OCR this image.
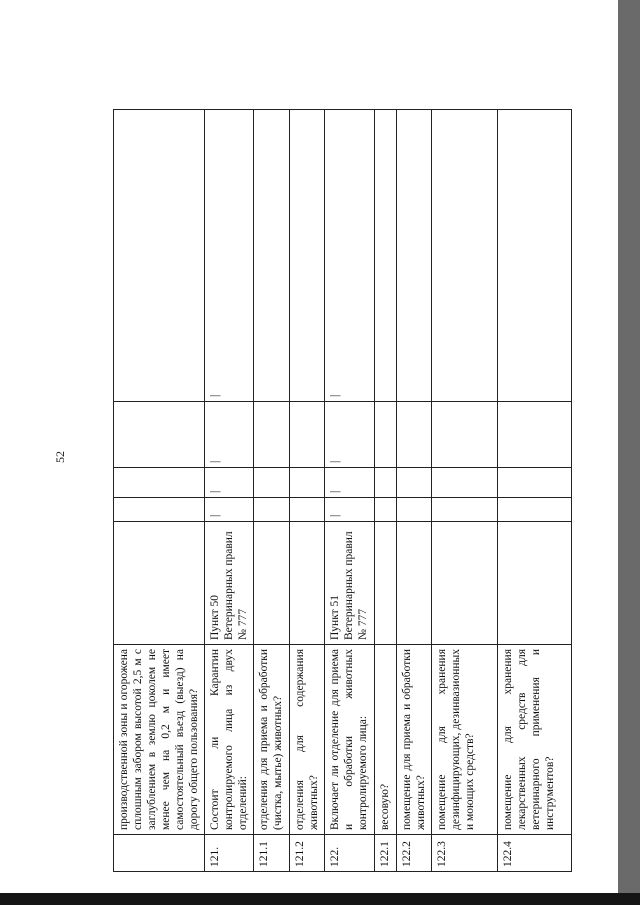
52
	производственной зоны и огорожена сплошным забором высотой 2,5 м с заглублением в землю цоколем не менее чем на 0,2 м и имеет самостоятельный въезд (выезд) на дорогу общего пользования?					
121.	Состоит ли Карантин контролируемого лица из двух отделений:	Пункт 50 Ветеринарных правил № 777	|	|	|	|
121.1	отделения для приема и обработки (чистка, мытье) животных?					
121.2	отделения для содержания животных?					
122.	Включает ли отделение для приема и обработки животных контролируемого лица:	Пункт 51 Ветеринарных правил № 777	|	|	|	|
122.1	весовую?					
122.2	помещение для приема и обработки животных?					
122.3	помещение для хранения дезинфицирующих, дезинвазионных и моющих средств?					
122.4	помещение для хранения лекарственных средств для ветеринарного применения и инструментов?					
